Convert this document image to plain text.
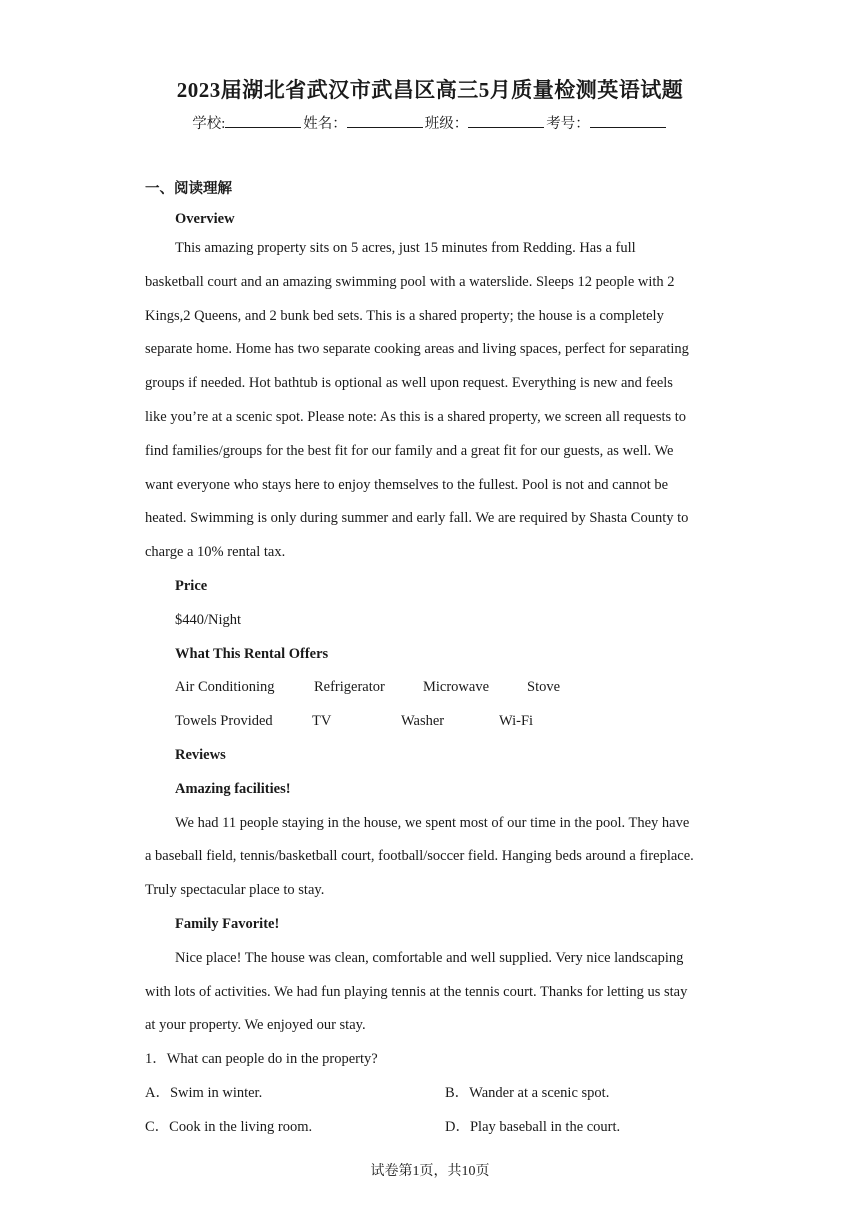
2023届湖北省武汉市武昌区高三5月质量检测英语试题
学校:	姓名：	班级：	考号：
一、阅读理解
Overview
This amazing property sits on 5 acres, just 15 minutes from Redding. Has a full
basketball court and an amazing swimming pool with a waterslide. Sleeps 12 people with 2
Kings,2 Queens, and 2 bunk bed sets. This is a shared property; the house is a completely
separate home. Home has two separate cooking areas and living spaces, perfect for separating
groups if needed. Hot bathtub is optional as well upon request. Everything is new and feels
like you’re at a scenic spot. Please note: As this is a shared property, we screen all requests to
find families/groups for the best fit for our family and a great fit for our guests, as well. We
want everyone who stays here to enjoy themselves to the fullest. Pool is not and cannot be
heated. Swimming is only during summer and early fall. We are required by Shasta County to
charge a 10% rental tax.
Price
$440/Night
What This Rental Offers
Air Conditioning	Refrigerator	Microwave	Stove
Towels Provided	TV	Washer	Wi-Fi
Reviews
Amazing facilities!
We had 11 people staying in the house, we spent most of our time in the pool. They have
a baseball field, tennis/basketball court, football/soccer field. Hanging beds around a fireplace.
Truly spectacular place to stay.
Family Favorite!
Nice place! The house was clean, comfortable and well supplied. Very nice landscaping
with lots of activities. We had fun playing tennis at the tennis court. Thanks for letting us stay
at your property. We enjoyed our stay.
1．What can people do in the property?
A．Swim in winter.	B．Wander at a scenic spot.
C．Cook in the living room.	D．Play baseball in the court.
试卷第1页，共10页
